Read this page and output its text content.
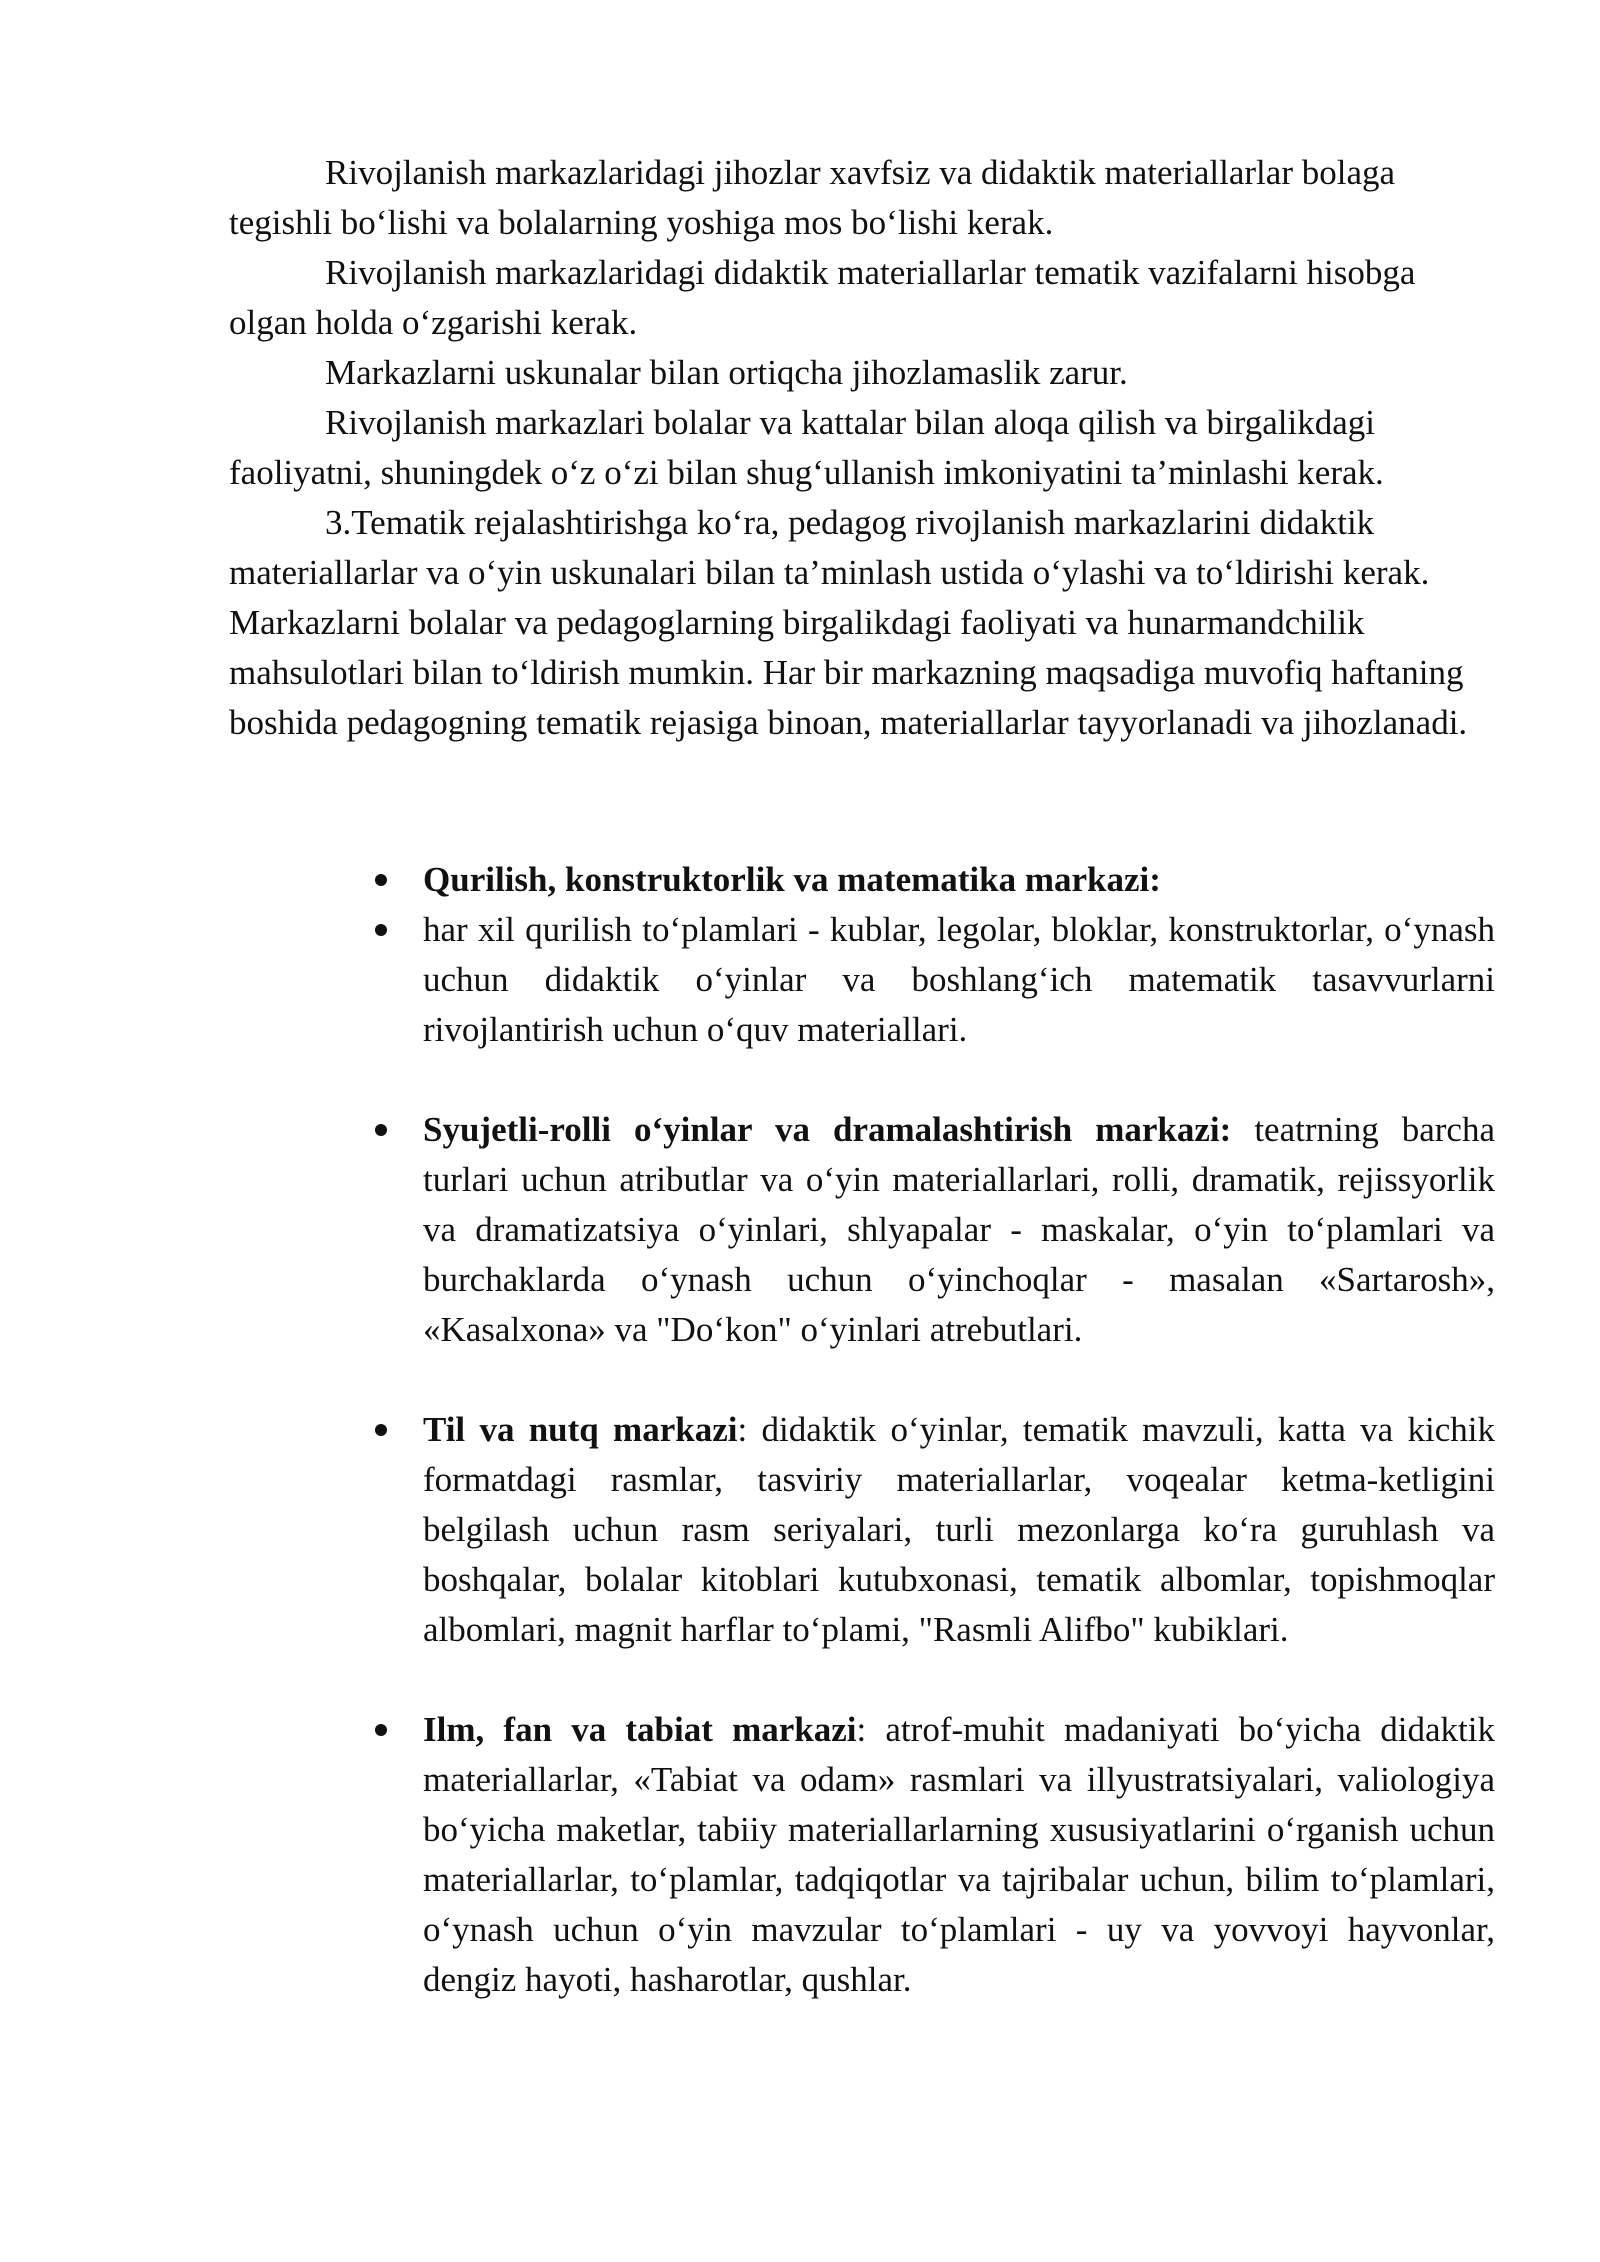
Rivojlanish markazlaridagi jihozlar xavfsiz va didaktik materiallarlar bolaga tegishli bo‘lishi va bolalarning yoshiga mos bo‘lishi kerak.

Rivojlanish markazlaridagi didaktik materiallarlar tematik vazifalarni hisobga olgan holda o‘zgarishi kerak.

Markazlarni uskunalar bilan ortiqcha jihozlamaslik zarur.

Rivojlanish markazlari bolalar va kattalar bilan aloqa qilish va birgalikdagi faoliyatni, shuningdek o‘z o‘zi bilan shug‘ullanish imkoniyatini ta’minlashi kerak.

3.Tematik rejalashtirishga ko‘ra, pedagog rivojlanish markazlarini didaktik materiallarlar va o‘yin uskunalari bilan ta’minlash ustida o‘ylashi va to‘ldirishi kerak. Markazlarni bolalar va pedagoglarning birgalikdagi faoliyati va hunarmandchilik mahsulotlari bilan to‘ldirish mumkin. Har bir markazning maqsadiga muvofiq haftaning boshida pedagogning tematik rejasiga binoan, materiallarlar tayyorlanadi va jihozlanadi.

Qurilish, konstruktorlik va matematika markazi:
har xil qurilish to‘plamlari - kublar, legolar, bloklar, konstruktorlar, o‘ynash uchun didaktik o‘yinlar va boshlang‘ich matematik tasavvurlarni rivojlantirish uchun o‘quv materiallari.
Syujetli-rolli o‘yinlar va dramalashtirish markazi: teatrning barcha turlari uchun atributlar va o‘yin materiallarlari, rolli, dramatik, rejissyorlik va dramatizatsiya o‘yinlari, shlyapalar - maskalar, o‘yin to‘plamlari va burchaklarda o‘ynash uchun o‘yinchoqlar - masalan «Sartarosh», «Kasalxona» va "Do‘kon" o‘yinlari atrebutlari.
Til va nutq markazi: didaktik o‘yinlar, tematik mavzuli, katta va kichik formatdagi rasmlar, tasviriy materiallarlar, voqealar ketma-ketligini belgilash uchun rasm seriyalari, turli mezonlarga ko‘ra guruhlash va boshqalar, bolalar kitoblari kutubxonasi, tematik albomlar, topishmoqlar albomlari, magnit harflar to‘plami, "Rasmli Alifbo" kubiklari.
Ilm, fan va tabiat markazi: atrof-muhit madaniyati bo‘yicha didaktik materiallarlar, «Tabiat va odam» rasmlari va illyustratsiyalari, valiologiya bo‘yicha maketlar, tabiiy materiallarlarning xususiyatlarini o‘rganish uchun materiallarlar, to‘plamlar, tadqiqotlar va tajribalar uchun, bilim to‘plamlari, o‘ynash uchun o‘yin mavzular to‘plamlari - uy va yovvoyi hayvonlar, dengiz hayoti, hasharotlar, qushlar.
